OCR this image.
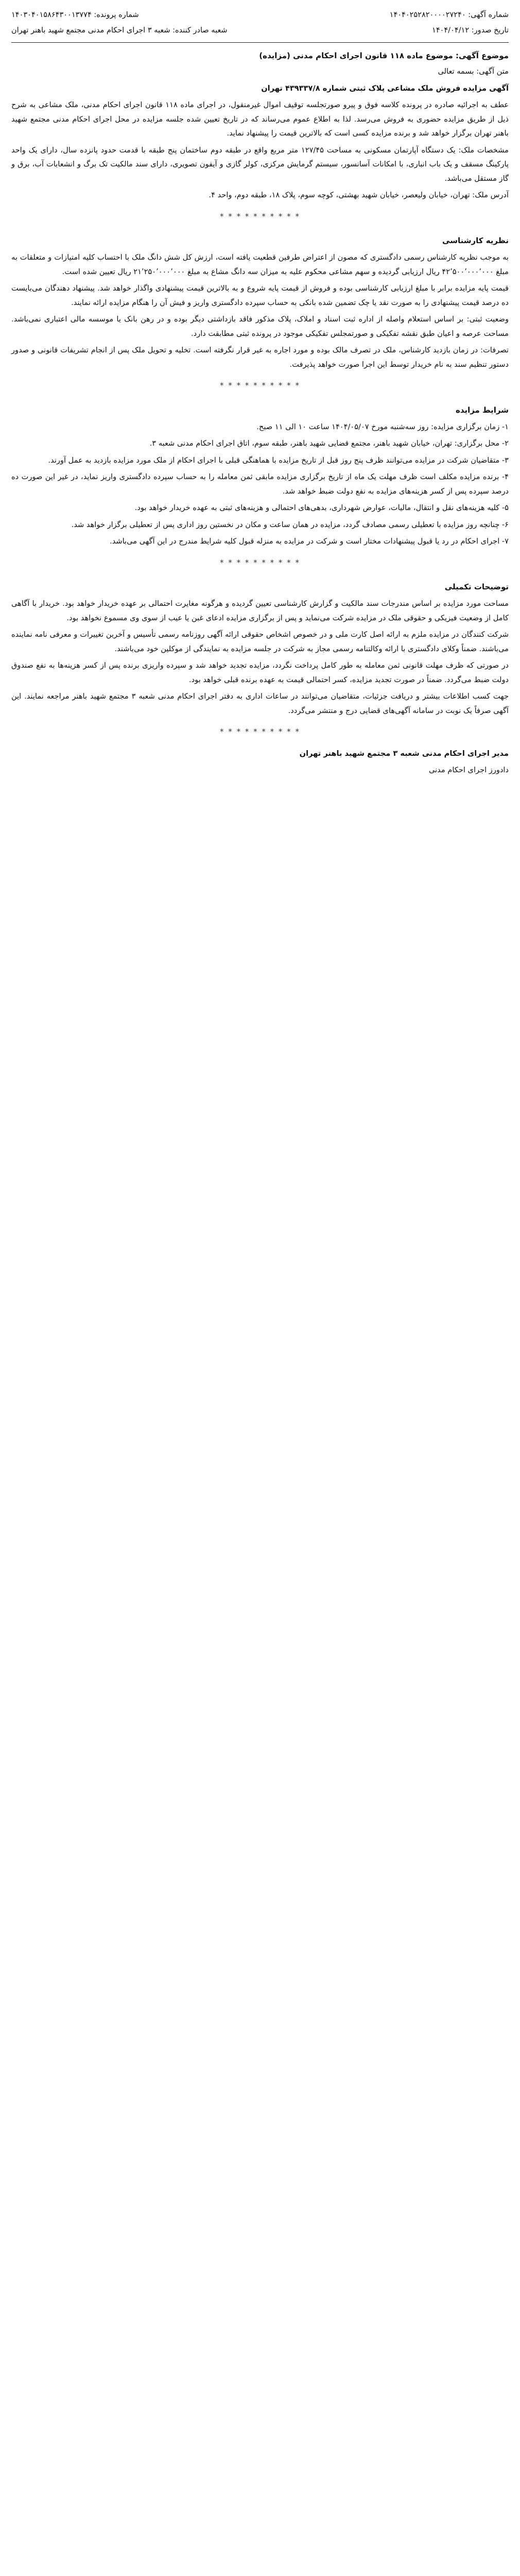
شماره آگهی: ۱۴۰۴۰۲۵۲۸۲۰۰۰۰۲۷۲۴۰
تاریخ صدور: ۱۴۰۴/۰۴/۱۲
شماره پرونده: ۱۴۰۳۰۴۰۱۵۸۶۴۳۰۰۱۳۷۷۴
شعبه صادر کننده: شعبه ۳ اجرای احکام مدنی مجتمع شهید باهنر تهران
موضوع آگهی: موضوع ماده ۱۱۸ قانون اجرای احکام مدنی (مزایده)

متن آگهی: بسمه تعالی

آگهی مزایده فروش ملک مشاعی پلاک ثبتی شماره ۴۳۹۳۳۷/۸ تهران

عطف به اجرائیه صادره در پرونده کلاسه فوق و پیرو صورتجلسه توقیف اموال غیرمنقول، در اجرای ماده ۱۱۸ قانون اجرای احکام مدنی، ملک مشاعی به شرح ذیل از طریق مزایده حضوری به فروش می‌رسد. لذا به اطلاع عموم می‌رساند که در تاریخ تعیین شده جلسه مزایده در محل اجرای احکام مدنی مجتمع شهید باهنر تهران برگزار خواهد شد و برنده مزایده کسی است که بالاترین قیمت را پیشنهاد نماید.

مشخصات ملک: یک دستگاه آپارتمان مسکونی به مساحت ۱۲۷/۴۵ متر مربع واقع در طبقه دوم ساختمان پنج طبقه با قدمت حدود پانزده سال، دارای یک واحد پارکینگ مسقف و یک باب انباری، با امکانات آسانسور، سیستم گرمایش مرکزی، کولر گازی و آیفون تصویری، دارای سند مالکیت تک برگ و انشعابات آب، برق و گاز مستقل می‌باشد.

آدرس ملک: تهران، خیابان ولیعصر، خیابان شهید بهشتی، کوچه سوم، پلاک ۱۸، طبقه دوم، واحد ۴.

* * * * * * * * * *
نظریه کارشناسی

به موجب نظریه کارشناس رسمی دادگستری که مصون از اعتراض طرفین قطعیت یافته است، ارزش کل شش دانگ ملک با احتساب کلیه امتیازات و متعلقات به مبلغ ۴۲٬۵۰۰٬۰۰۰٬۰۰۰ ریال ارزیابی گردیده و سهم مشاعی محکوم علیه به میزان سه دانگ مشاع به مبلغ ۲۱٬۲۵۰٬۰۰۰٬۰۰۰ ریال تعیین شده است.

قیمت پایه مزایده برابر با مبلغ ارزیابی کارشناسی بوده و فروش از قیمت پایه شروع و به بالاترین قیمت پیشنهادی واگذار خواهد شد. پیشنهاد دهندگان می‌بایست ده درصد قیمت پیشنهادی را به صورت نقد یا چک تضمین شده بانکی به حساب سپرده دادگستری واریز و فیش آن را هنگام مزایده ارائه نمایند.

وضعیت ثبتی: بر اساس استعلام واصله از اداره ثبت اسناد و املاک، پلاک مذکور فاقد بازداشتی دیگر بوده و در رهن بانک یا موسسه مالی اعتباری نمی‌باشد. مساحت عرصه و اعیان طبق نقشه تفکیکی و صورتمجلس تفکیکی موجود در پرونده ثبتی مطابقت دارد.

تصرفات: در زمان بازدید کارشناس، ملک در تصرف مالک بوده و مورد اجاره به غیر قرار نگرفته است. تخلیه و تحویل ملک پس از انجام تشریفات قانونی و صدور دستور تنظیم سند به نام خریدار توسط این اجرا صورت خواهد پذیرفت.

* * * * * * * * * *
شرایط مزایده

۱- زمان برگزاری مزایده: روز سه‌شنبه مورخ ۱۴۰۴/۰۵/۰۷ ساعت ۱۰ الی ۱۱ صبح.

۲- محل برگزاری: تهران، خیابان شهید باهنر، مجتمع قضایی شهید باهنر، طبقه سوم، اتاق اجرای احکام مدنی شعبه ۳.

۳- متقاضیان شرکت در مزایده می‌توانند ظرف پنج روز قبل از تاریخ مزایده با هماهنگی قبلی با اجرای احکام از ملک مورد مزایده بازدید به عمل آورند.

۴- برنده مزایده مکلف است ظرف مهلت یک ماه از تاریخ برگزاری مزایده مابقی ثمن معامله را به حساب سپرده دادگستری واریز نماید، در غیر این صورت ده درصد سپرده پس از کسر هزینه‌های مزایده به نفع دولت ضبط خواهد شد.

۵- کلیه هزینه‌های نقل و انتقال، مالیات، عوارض شهرداری، بدهی‌های احتمالی و هزینه‌های ثبتی به عهده خریدار خواهد بود.

۶- چنانچه روز مزایده با تعطیلی رسمی مصادف گردد، مزایده در همان ساعت و مکان در نخستین روز اداری پس از تعطیلی برگزار خواهد شد.

۷- اجرای احکام در رد یا قبول پیشنهادات مختار است و شرکت در مزایده به منزله قبول کلیه شرایط مندرج در این آگهی می‌باشد.

* * * * * * * * * *
توضیحات تکمیلی

مساحت مورد مزایده بر اساس مندرجات سند مالکیت و گزارش کارشناسی تعیین گردیده و هرگونه مغایرت احتمالی بر عهده خریدار خواهد بود. خریدار با آگاهی کامل از وضعیت فیزیکی و حقوقی ملک در مزایده شرکت می‌نماید و پس از برگزاری مزایده ادعای غبن یا عیب از سوی وی مسموع نخواهد بود.

شرکت کنندگان در مزایده ملزم به ارائه اصل کارت ملی و در خصوص اشخاص حقوقی ارائه آگهی روزنامه رسمی تأسیس و آخرین تغییرات و معرفی نامه نماینده می‌باشند. ضمناً وکلای دادگستری با ارائه وکالتنامه رسمی مجاز به شرکت در جلسه مزایده به نمایندگی از موکلین خود می‌باشند.

در صورتی که ظرف مهلت قانونی ثمن معامله به طور کامل پرداخت نگردد، مزایده تجدید خواهد شد و سپرده واریزی برنده پس از کسر هزینه‌ها به نفع صندوق دولت ضبط می‌گردد. ضمناً در صورت تجدید مزایده، کسر احتمالی قیمت به عهده برنده قبلی خواهد بود.

جهت کسب اطلاعات بیشتر و دریافت جزئیات، متقاضیان می‌توانند در ساعات اداری به دفتر اجرای احکام مدنی شعبه ۳ مجتمع شهید باهنر مراجعه نمایند. این آگهی صرفاً یک نوبت در سامانه آگهی‌های قضایی درج و منتشر می‌گردد.

* * * * * * * * * *

مدیر اجرای احکام مدنی شعبه ۳ مجتمع شهید باهنر تهران

دادورز اجرای احکام مدنی
